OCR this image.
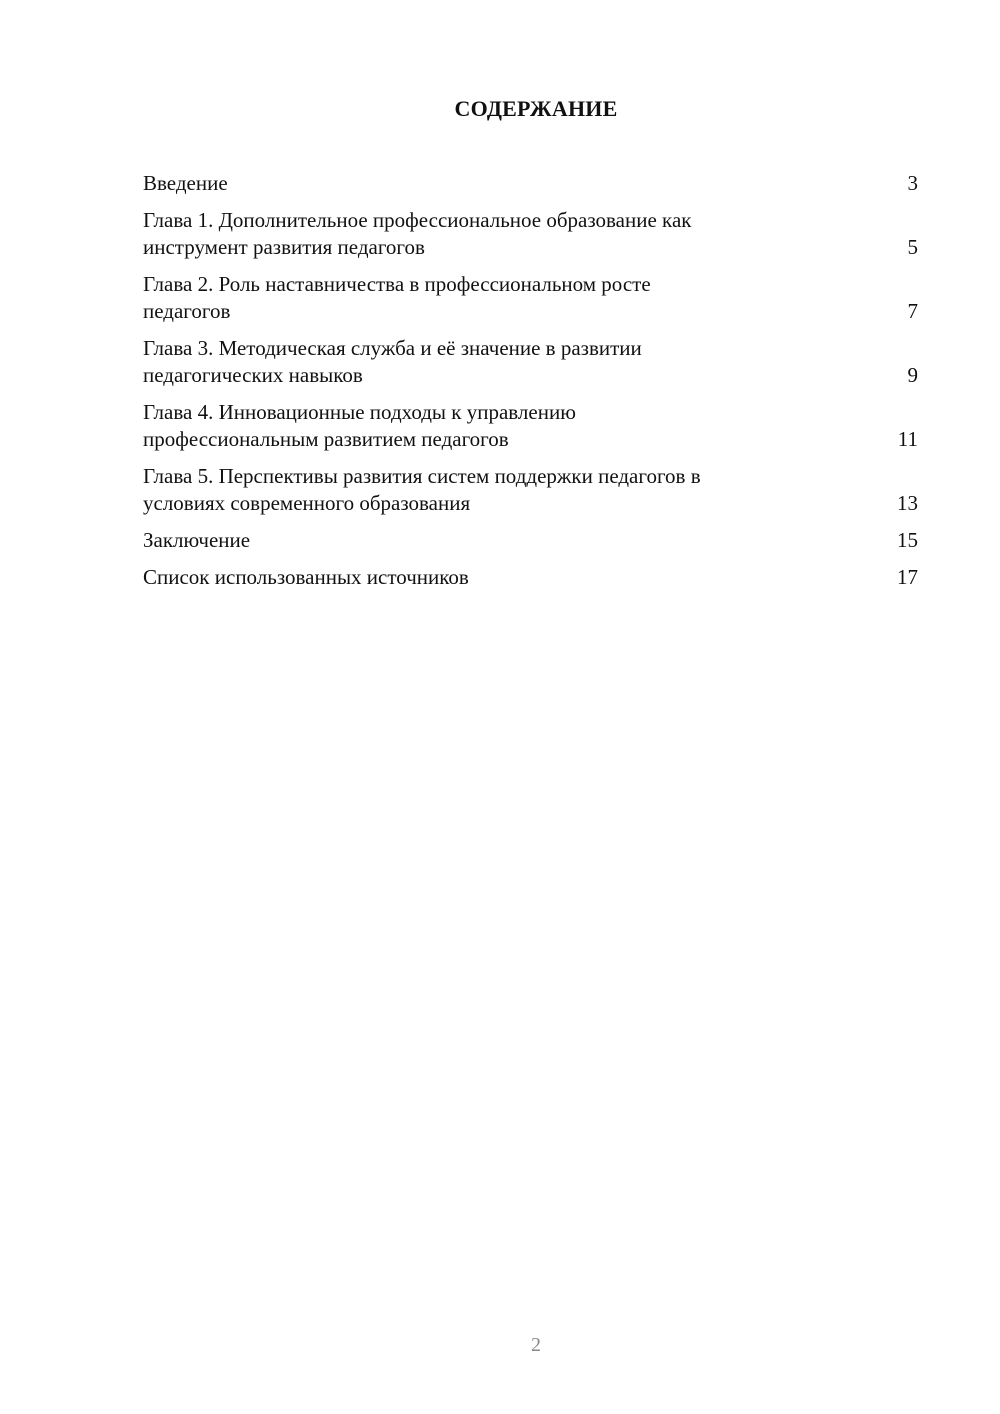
СОДЕРЖАНИЕ
Введение	3
Глава 1. Дополнительное профессиональное образование как
инструмент развития педагогов	5
Глава 2. Роль наставничества в профессиональном росте
педагогов	7
Глава 3. Методическая служба и её значение в развитии
педагогических навыков	9
Глава 4. Инновационные подходы к управлению
профессиональным развитием педагогов	11
Глава 5. Перспективы развития систем поддержки педагогов в
условиях современного образования	13
Заключение	15
Список использованных источников	17
2
